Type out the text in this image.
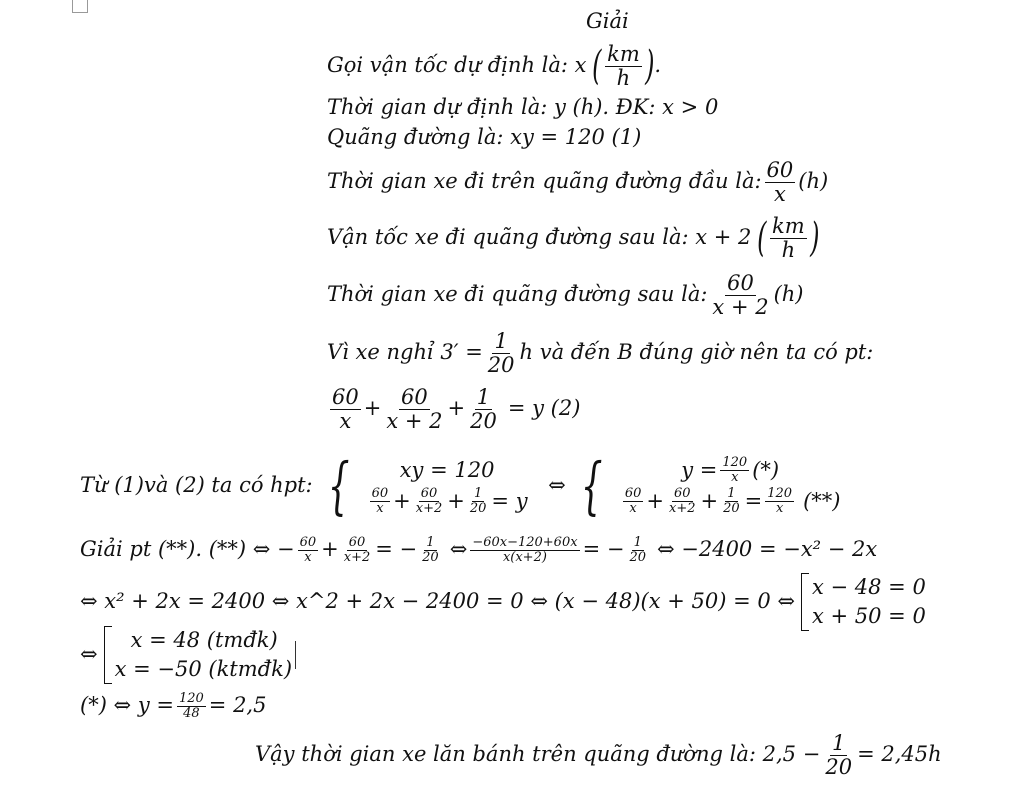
Giải
Gọi vận tốc dự định là: x ( $\frac{km}{h}$ ) .
Thời gian dự định là: y (h). ĐK: x > 0
Quãng đường là: xy = 120 (1)
Thời gian xe đi trên quãng đường đầu là: $\frac{60}{x} (h)$
Vận tốc xe đi quãng đường sau là: x + 2 ( $\frac{km}{h}$ )
Thời gian xe đi quãng đường sau là: $\frac{60}{x + 2} (h)$
Vì xe nghỉ $3' = \frac{1}{20}$ h và đến B đúng giờ nên ta có pt:
$\frac{60}{x} + \frac{60}{x + 2} + \frac{1}{20} = y$ (2)
Từ (1)và (2) ta có hpt: {	xy = 120
$\frac{60}{x} + \frac{60}{x+2} + \frac{1}{20} = y$
⇔ {	$y = \frac{120}{x}$ (*)
$\frac{60}{x} + \frac{60}{x+2} + \frac{1}{20} = \frac{120}{x}$ (**)
Giải pt (**). (**) ⇔ − $\frac{60}{x} + \frac{60}{x+2}$ = − $\frac{1}{20}$ ⇔ $\frac{-60x-120+60x}{x(x+2)}$ = − $\frac{1}{20}$ ⇔ −2400 = −x² − 2x
⇔ x² + 2x = 2400 ⇔ x^2 + 2x − 2400 = 0 ⇔ (x − 48)(x + 50) = 0 ⇔
x − 48 = 0
x + 50 = 0
⇔
x = 48 (tmđk)
x = −50 (ktmđk)
(*) ⇔ $y = \frac{120}{48} = 2,5$
Vậy thời gian xe lăn bánh trên quãng đường là: $2,5 - \frac{1}{20} = 2,45h$
